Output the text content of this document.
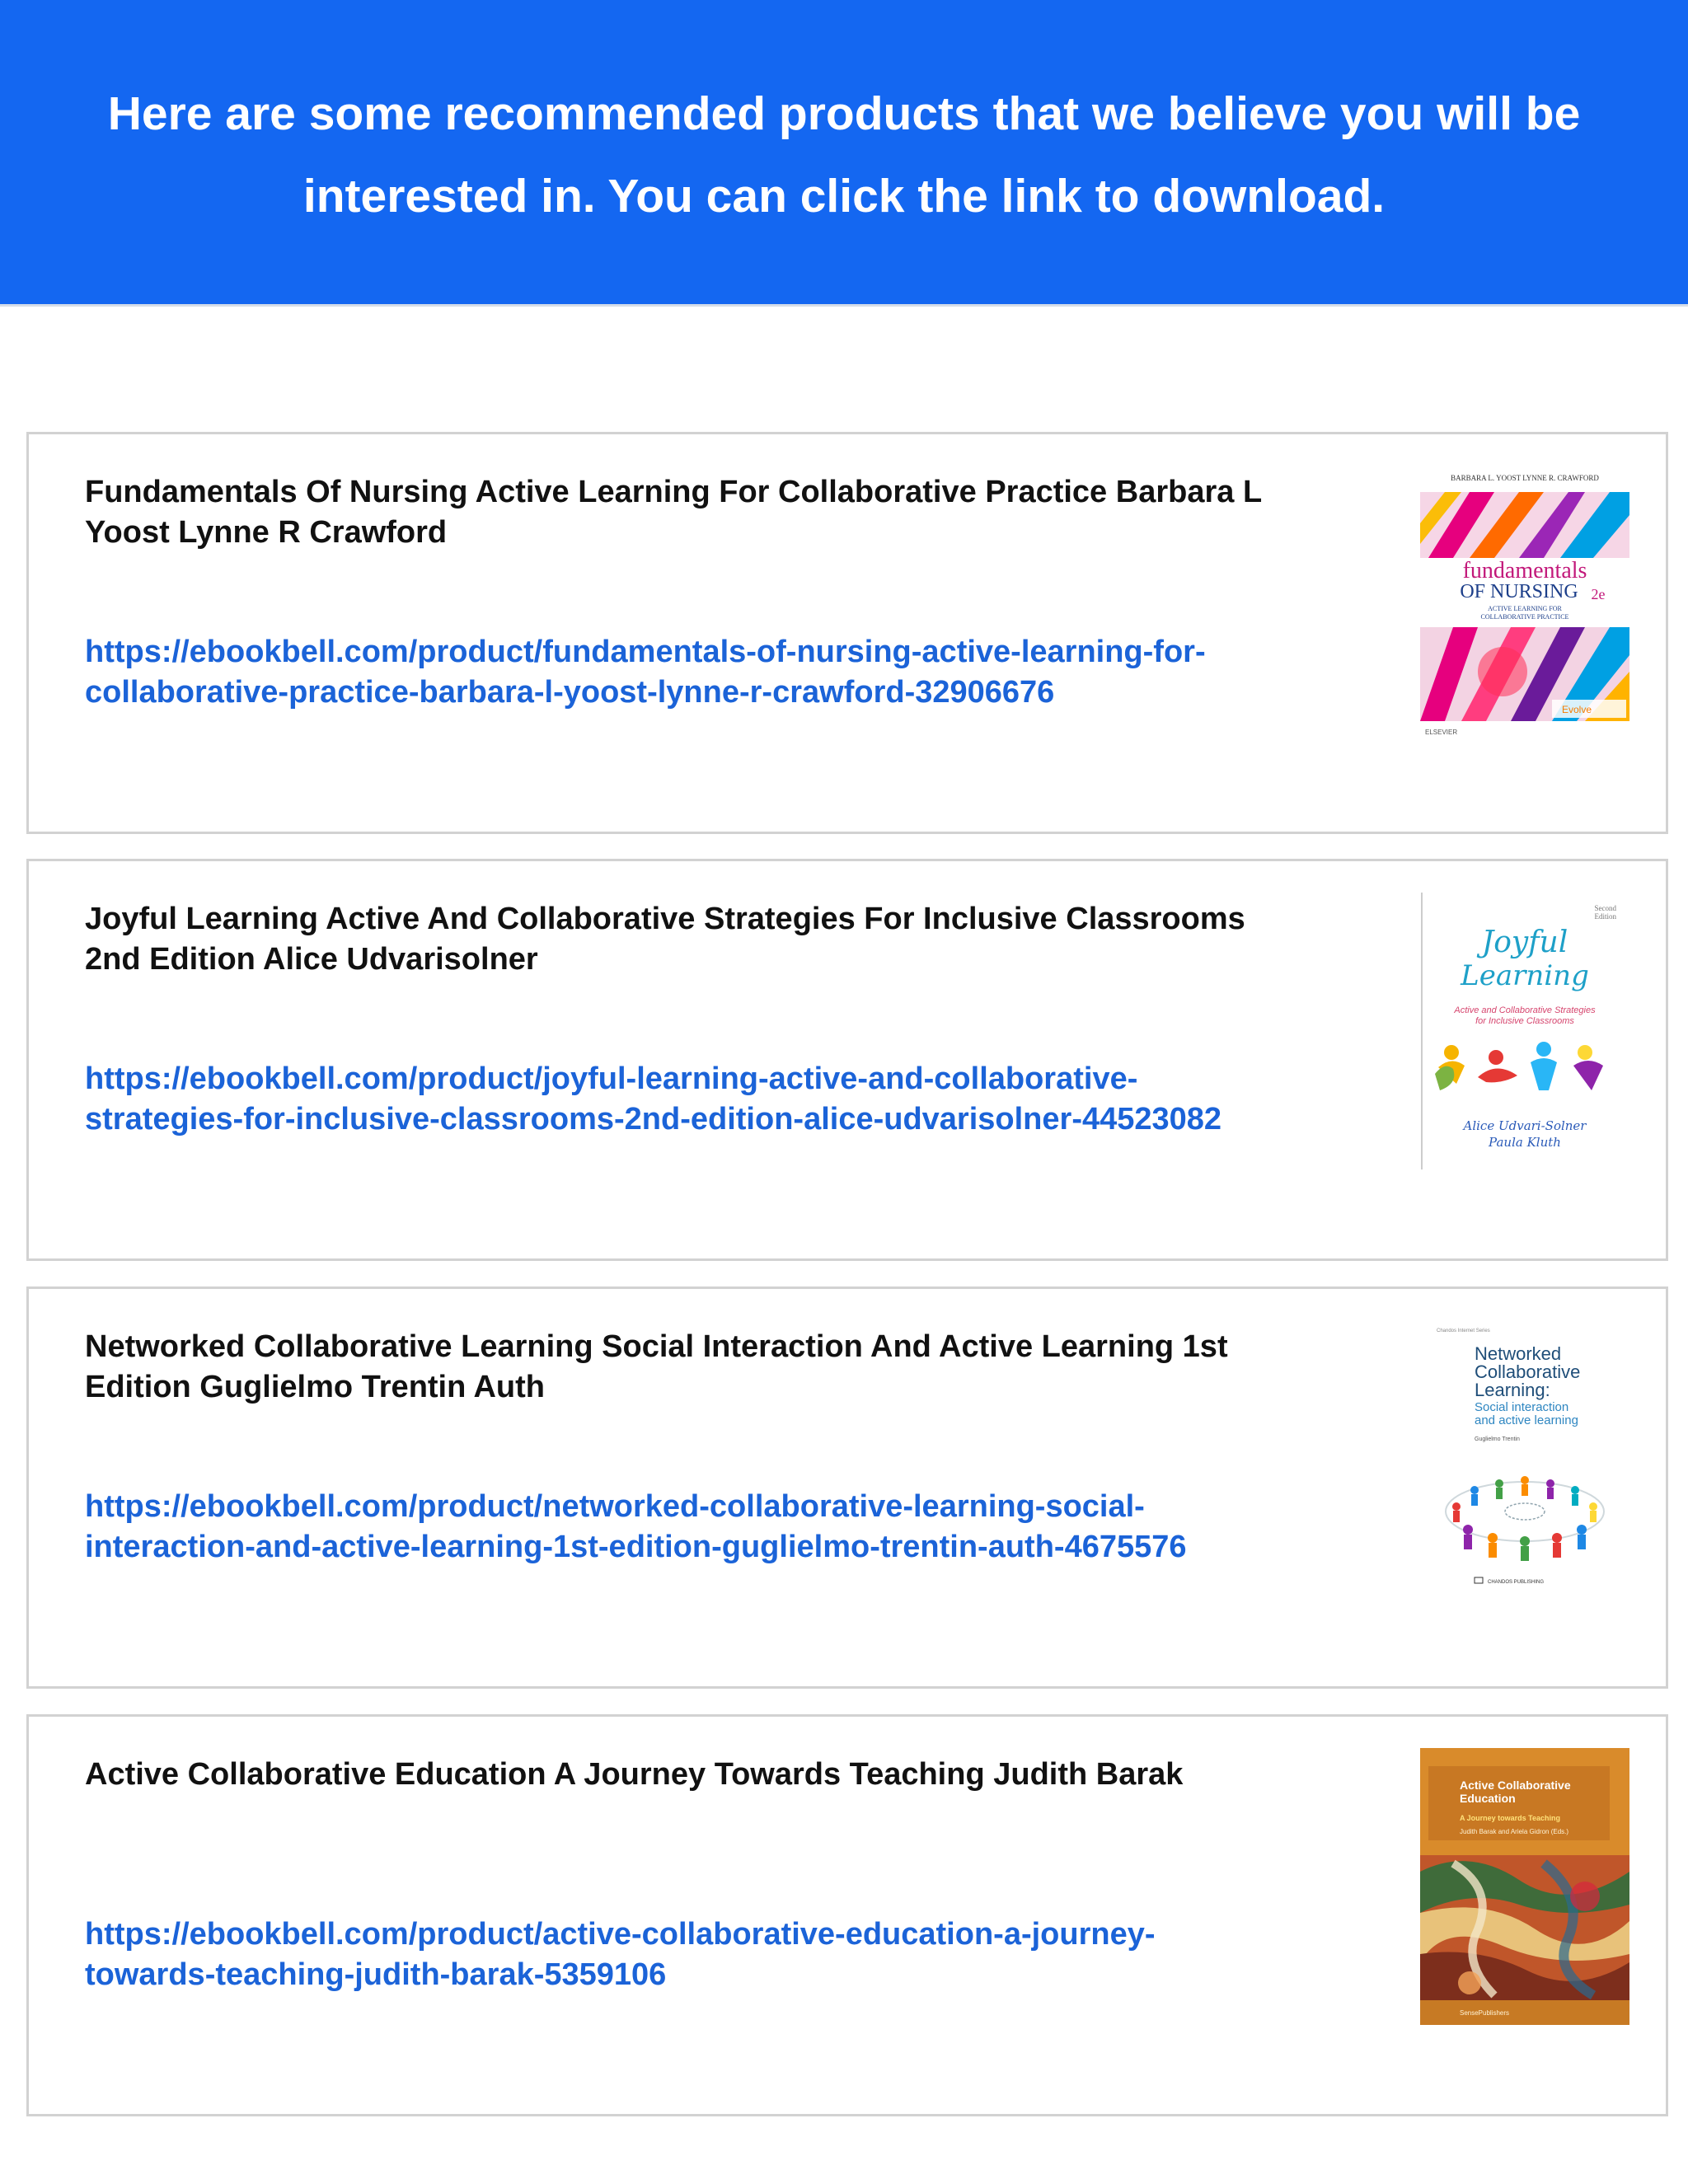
Here are some recommended products that we believe you will be interested in. You can click the link to download.
Fundamentals Of Nursing Active Learning For Collaborative Practice Barbara L Yoost Lynne R Crawford
https://ebookbell.com/product/fundamentals-of-nursing-active-learning-for-collaborative-practice-barbara-l-yoost-lynne-r-crawford-32906676
BARBARA L. YOOST LYNNE R. CRAWFORD
fundamentals
OF NURSING 2e
ACTIVE LEARNING FOR
COLLABORATIVE PRACTICE
Evolve
ELSEVIER
Joyful Learning Active And Collaborative Strategies For Inclusive Classrooms 2nd Edition Alice Udvarisolner
https://ebookbell.com/product/joyful-learning-active-and-collaborative-strategies-for-inclusive-classrooms-2nd-edition-alice-udvarisolner-44523082
Second
Edition
Joyful
Learning
Active and Collaborative Strategies
for Inclusive Classrooms
Alice Udvari-Solner
Paula Kluth
Networked Collaborative Learning Social Interaction And Active Learning 1st Edition Guglielmo Trentin Auth
https://ebookbell.com/product/networked-collaborative-learning-social-interaction-and-active-learning-1st-edition-guglielmo-trentin-auth-4675576
Chandos Internet Series
Networked
Collaborative
Learning:
Social interaction
and active learning
Guglielmo Trentin
CHANDOS PUBLISHING
Active Collaborative Education A Journey Towards Teaching Judith Barak
https://ebookbell.com/product/active-collaborative-education-a-journey-towards-teaching-judith-barak-5359106
Active Collaborative
Education
A Journey towards Teaching
Judith Barak and Ariela Gidron (Eds.)
SensePublishers
